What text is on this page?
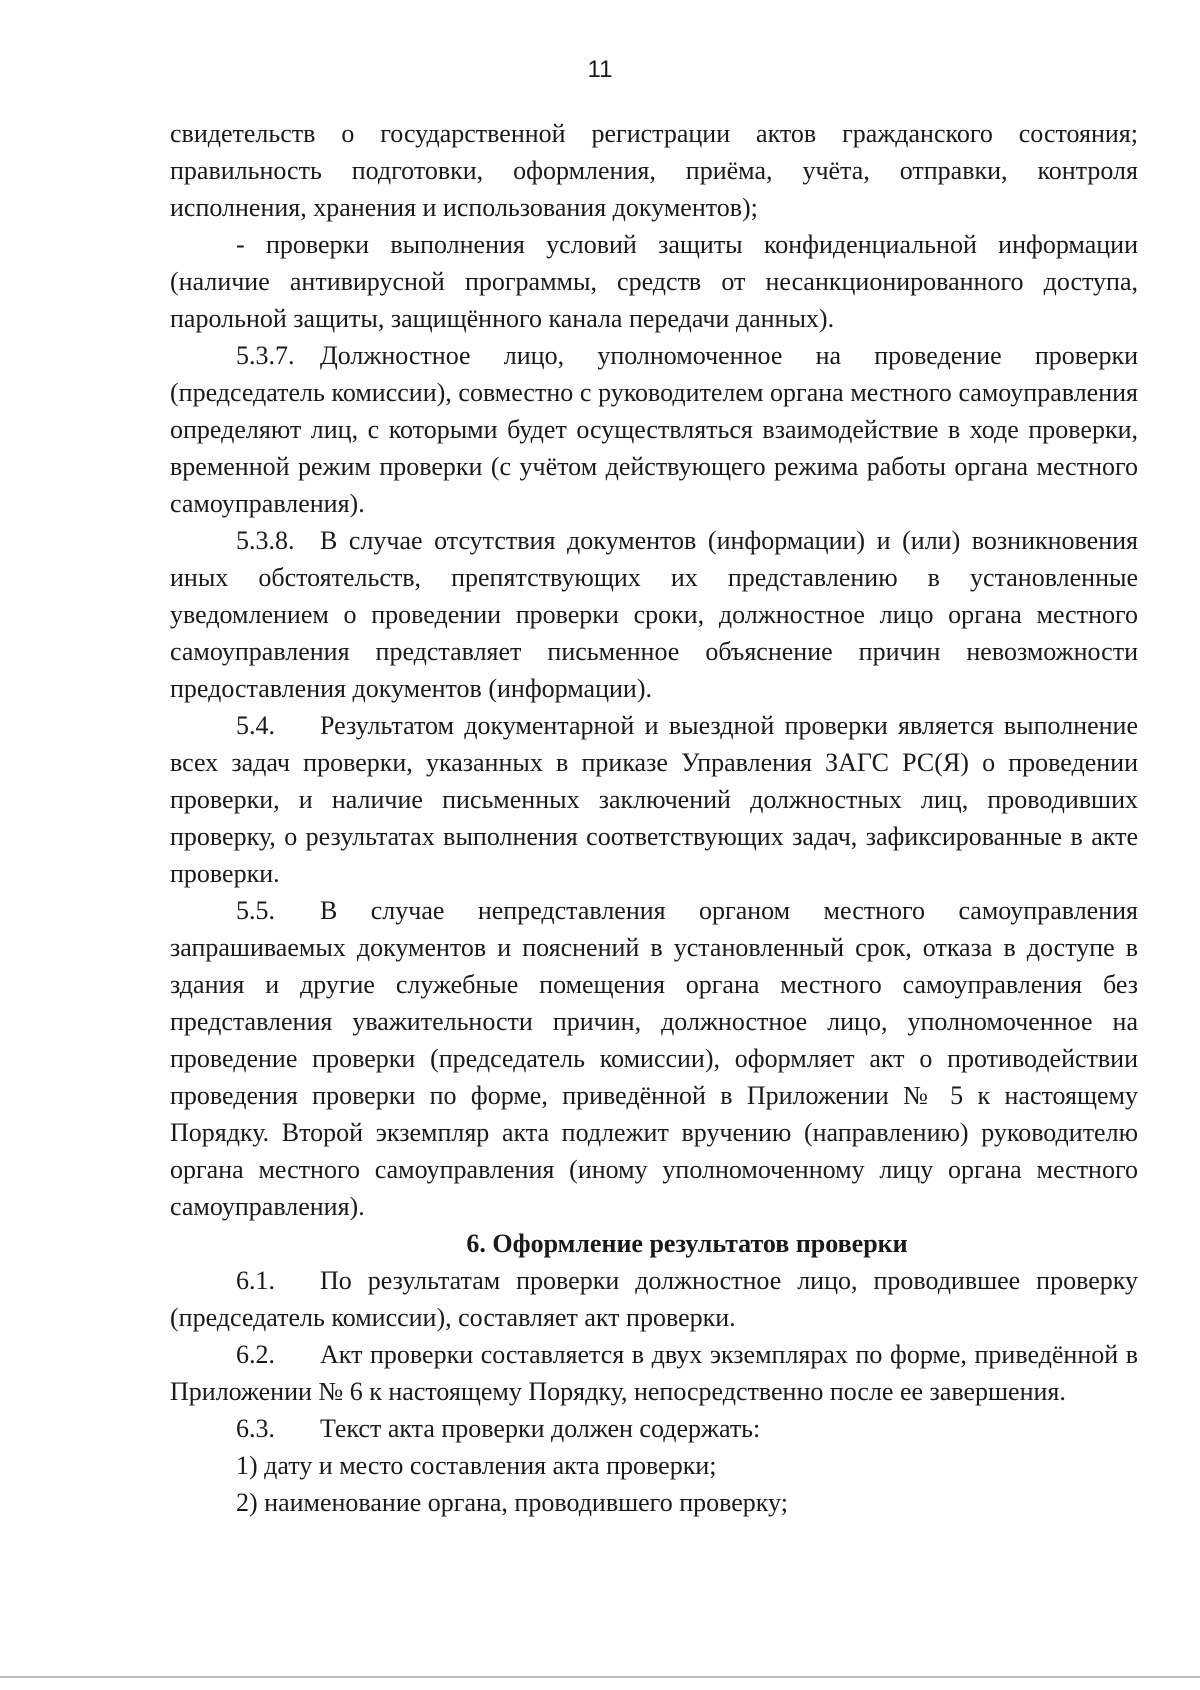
11

свидетельств о государственной регистрации актов гражданского состояния; правильность подготовки, оформления, приёма, учёта, отправки, контроля исполнения, хранения и использования документов);

- проверки выполнения условий защиты конфиденциальной информации (наличие антивирусной программы, средств от несанкционированного доступа, парольной защиты, защищённого канала передачи данных).

5.3.7. Должностное лицо, уполномоченное на проведение проверки (председатель комиссии), совместно с руководителем органа местного самоуправления определяют лиц, с которыми будет осуществляться взаимодействие в ходе проверки, временной режим проверки (с учётом действующего режима работы органа местного самоуправления).

5.3.8. В случае отсутствия документов (информации) и (или) возникновения иных обстоятельств, препятствующих их представлению в установленные уведомлением о проведении проверки сроки, должностное лицо органа местного самоуправления представляет письменное объяснение причин невозможности предоставления документов (информации).

5.4. Результатом документарной и выездной проверки является выполнение всех задач проверки, указанных в приказе Управления ЗАГС РС(Я) о проведении проверки, и наличие письменных заключений должностных лиц, проводивших проверку, о результатах выполнения соответствующих задач, зафиксированные в акте проверки.

5.5. В случае непредставления органом местного самоуправления запрашиваемых документов и пояснений в установленный срок, отказа в доступе в здания и другие служебные помещения органа местного самоуправления без представления уважительности причин, должностное лицо, уполномоченное на проведение проверки (председатель комиссии), оформляет акт о противодействии проведения проверки по форме, приведённой в Приложении № 5 к настоящему Порядку. Второй экземпляр акта подлежит вручению (направлению) руководителю органа местного самоуправления (иному уполномоченному лицу органа местного самоуправления).

6. Оформление результатов проверки

6.1. По результатам проверки должностное лицо, проводившее проверку (председатель комиссии), составляет акт проверки.

6.2. Акт проверки составляется в двух экземплярах по форме, приведённой в Приложении № 6 к настоящему Порядку, непосредственно после ее завершения.

6.3. Текст акта проверки должен содержать:

1) дату и место составления акта проверки;

2) наименование органа, проводившего проверку;
